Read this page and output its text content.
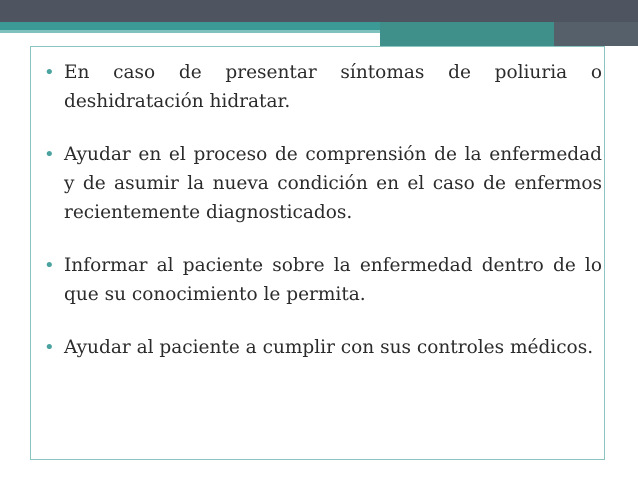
• En caso de presentar síntomas de poliuria o deshidratación hidratar.
• Ayudar en el proceso de comprensión de la enfermedad y de asumir la nueva condición en el caso de enfermos recientemente diagnosticados.
• Informar al paciente sobre la enfermedad dentro de lo que su conocimiento le permita.
• Ayudar al paciente a cumplir con sus controles médicos.
